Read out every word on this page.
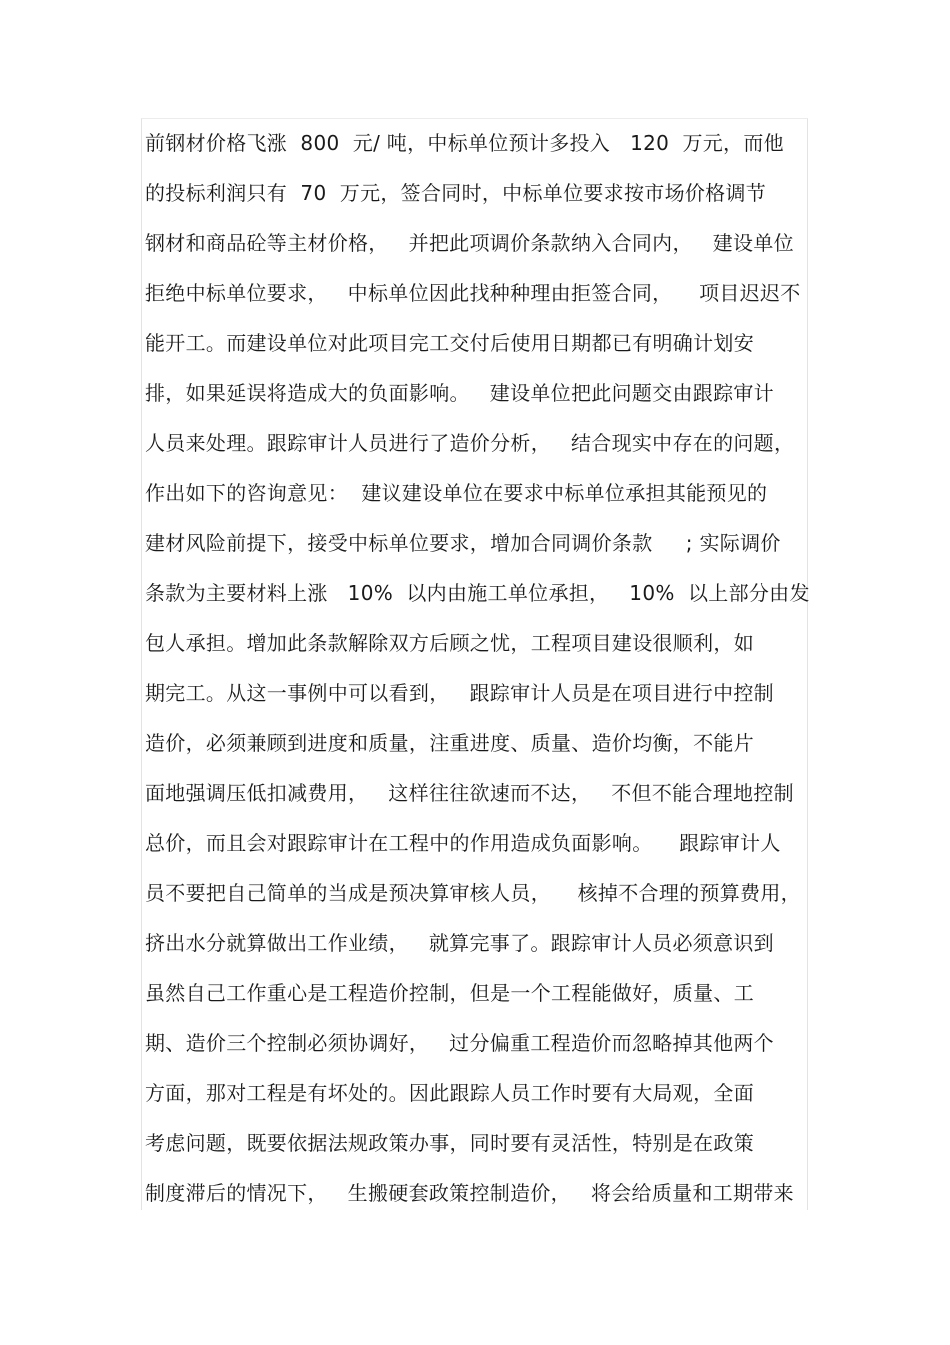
前钢材价格飞涨  800  元/ 吨，中标单位预计多投入   120  万元，而他
的投标利润只有  70  万元，签合同时，中标单位要求按市场价格调节
钢材和商品砼等主材价格，   并把此项调价条款纳入合同内，   建设单位
拒绝中标单位要求，   中标单位因此找种种理由拒签合同，    项目迟迟不
能开工。而建设单位对此项目完工交付后使用日期都已有明确计划安
排，如果延误将造成大的负面影响。   建设单位把此问题交由跟踪审计
人员来处理。跟踪审计人员进行了造价分析，   结合现实中存在的问题，
作出如下的咨询意见：  建议建设单位在要求中标单位承担其能预见的
建材风险前提下，接受中标单位要求，增加合同调价条款     ; 实际调价
条款为主要材料上涨   10%  以内由施工单位承担，   10%  以上部分由发
包人承担。增加此条款解除双方后顾之忧，工程项目建设很顺利，如
期完工。从这一事例中可以看到，   跟踪审计人员是在项目进行中控制
造价，必须兼顾到进度和质量，注重进度、质量、造价均衡，不能片
面地强调压低扣减费用，   这样往往欲速而不达，   不但不能合理地控制
总价，而且会对跟踪审计在工程中的作用造成负面影响。    跟踪审计人
员不要把自己简单的当成是预决算审核人员，    核掉不合理的预算费用，
挤出水分就算做出工作业绩，   就算完事了。跟踪审计人员必须意识到
虽然自己工作重心是工程造价控制，但是一个工程能做好，质量、工
期、造价三个控制必须协调好，   过分偏重工程造价而忽略掉其他两个
方面，那对工程是有坏处的。因此跟踪人员工作时要有大局观，全面
考虑问题，既要依据法规政策办事，同时要有灵活性，特别是在政策
制度滞后的情况下，   生搬硬套政策控制造价，   将会给质量和工期带来
